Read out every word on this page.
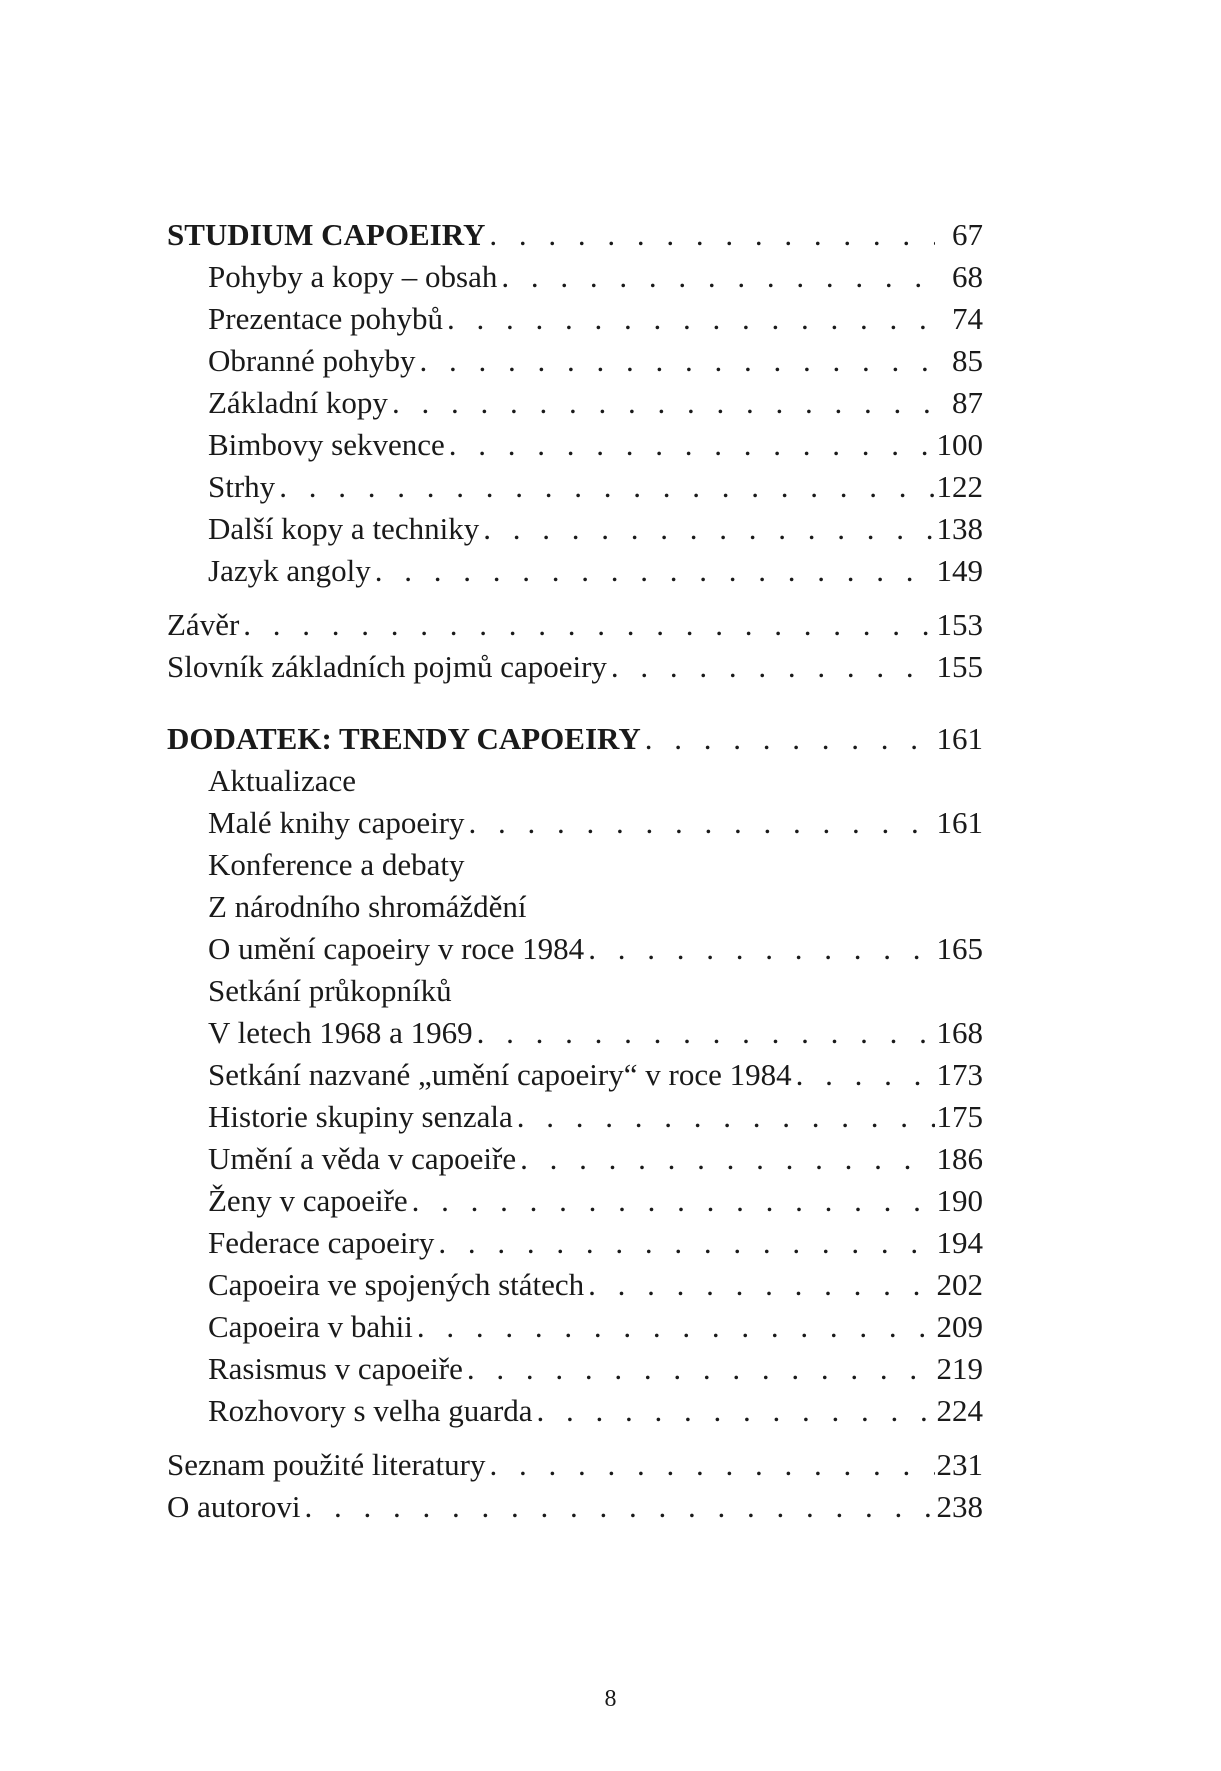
STUDIUM CAPOEIRY . . .	67
Pohyby a kopy – obsah . . .	68
Prezentace pohybů . . .	74
Obranné pohyby . . .	85
Základní kopy . . .	87
Bimbovy sekvence . . .	100
Strhy . . .	122
Další kopy a techniky . . .	138
Jazyk angoly . . .	149
Závěr . . .	153
Slovník základních pojmů capoeiry . . .	155
DODATEK: TRENDY CAPOEIRY . . .	161
Aktualizace
Malé knihy capoeiry . . .	161
Konference a debaty
Z národního shromáždění
O umění capoeiry v roce 1984 . . .	165
Setkání průkopníků
V letech 1968 a 1969 . . .	168
Setkání nazvané „umění capoeiry“ v roce 1984 . . .	173
Historie skupiny senzala . . .	175
Umění a věda v capoeiře . . .	186
Ženy v capoeiře . . .	190
Federace capoeiry . . .	194
Capoeira ve spojených státech . . .	202
Capoeira v bahii . . .	209
Rasismus v capoeiře . . .	219
Rozhovory s velha guarda . . .	224
Seznam použité literatury . . .	231
O autorovi . . .	238
8
